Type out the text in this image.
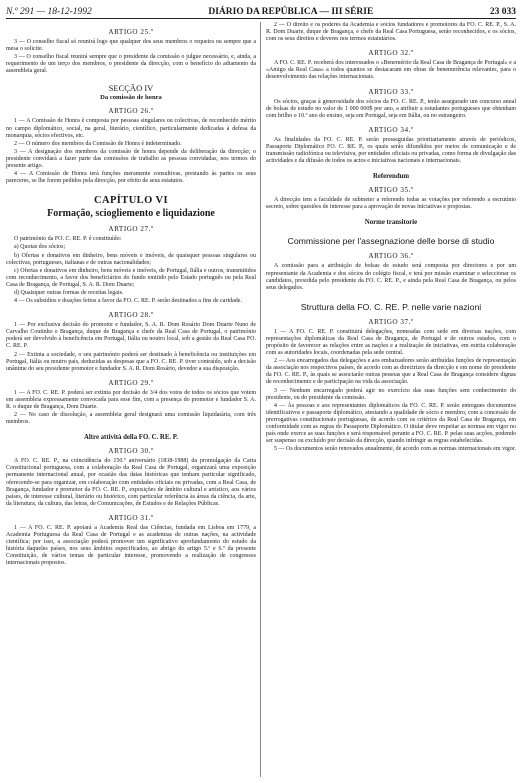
N.º 291 — 18-12-1992	DIÁRIO DA REPÚBLICA — III SÉRIE	23 033
ARTIGO 25.º

3 — O conselho fiscal só reunirá logo que qualquer dos seus membros o requeira ou sempre que a mesa o solicite.

3 — O conselho fiscal reunirá sempre que o presidente da comissão o julgue necessário, e, ainda, a requerimento de um terço dos membros, o presidente da direcção, com o benefício do adiamento da assembleia geral.

SECÇÃO IV
Da comissão de honra
ARTIGO 26.º

1 — A Comissão de Honra é composta por pessoas singulares ou colectivas, de reconhecido mérito no campo diplomático, social, na geral, literário, científico, particularmente dedicadas à defesa da monarquia, sócios efectivos, etc.

2 — O número dos membros da Comissão de Honra é indeterminado.

3 — A designação dos membros da comissão de honra depende da deliberação da direcção; o presidente convidará a fazer parte das comissões de trabalho as pessoas convidadas, nos termos do presente artigo.

4 — A Comissão de Honra terá funções meramente consultivas, prestando às partes os seus pareceres, se lhe forem pedidos pela direcção, por efeito de seus estatutos.

CAPÍTULO VI
Formação, sciogliemento e liquidazione
ARTIGO 27.º

O património da FO. C. RE. P. é constituído:

a) Quotas dos sócios;

b) Ofertas e donativos em dinheiro, bens móveis e imóveis, de quaisquer pessoas singulares ou colectivas, portugueses, italianas e de outras nacionalidades;

c) Ofertas e donativos em dinheiro, bens móveis e imóveis, de Portugal, Itália e outros, transmitidos com reconhecimento, a favor dos beneficiários do fundo emitido pelo Estado português ou pela Real Casa de Bragança, de Portugal, S. A. R. Dom Duarte;

d) Quaisquer outras formas de receitas legais.

4 — Os subsídios e doações feitos a favor da FO. C. RE. P. serão destinados a fins de caridade.

ARTIGO 28.º

1 — Por exclusiva decisão do promotor e fundador, S. A. R. Dom Rosário Dom Duarte Nuno de Carvalho Coutinho e Bragança, duque de Bragança e chefe da Real Casa de Portugal, o património poderá ser devolvido à beneficência em Portugal, Itália ou noutro local, sob a gestão da Real Casa FO. C. RE. P.

2 — Extinta a sociedade, o seu património poderá ser destinado à beneficência ou instituições em Portugal, Itália ou noutro país, deduzidas as despesas que a FO. C. RE. P. tiver contraído, sob a decisão unânime do seu presidente promotor e fundador S. A. R. Dom Rosário, devedor a sua disposição.

ARTIGO 29.º

1 — A FO. C. RE. P. poderá ser extinta por decisão de 3/4 dos votos de todos os sócios que votem em assembleia expressamente convocada para esse fim, com a presença do promotor e fundador S. A. R. o duque de Bragança, Dom Duarte.

2 — No caso de dissolução, a assembleia geral designará uma comissão liquidatária, com três membros.

Altre attività della FO. C. RE. P.
ARTIGO 30.º

A FO. C. RE. P., na coincidência do 150.º aniversário (1838-1988) da promulgação da Carta Constitucional portuguesa, com a colaboração da Real Casa de Portugal, organizará uma exposição permanente internacional anual, por ocasião das datas históricas que tenham particular significado, oferecendo-se para organizar, em colaboração com entidades oficiais ou privadas, com a Real Casa, de Bragança, fundador e promotor da FO. C. RE. P., exposições de âmbito cultural e artístico, aos vários países, de interesse cultural, literário ou histórico, com particular referência às áreas da ciência, da arte, da literatura, da cultura, das letras, de Comunicações, de Estudos e de Relações Públicas.

ARTIGO 31.º

1 — A FO. C. RE. P. apoiará a Academia Real das Ciências, fundada em Lisboa em 1779, a Academia Portuguesa da Real Casa de Portugal e as academias de outras nações, na actividade científica; por isso, a associação poderá promover um significativo aprofundamento do estudo da história daqueles países, nos seus âmbitos especificados, ao abrigo do artigo 5.º e 6.º da presente Constituição, de vários temas de particular interesse, promovendo a realização de congressos internacionais propostos.

2 — O direito e os poderes da Academia e sócios fundadores e promotores da FO. C. RE. P., S. A. R. Dom Duarte, duque de Bragança, e chefe da Real Casa Portuguesa, serão reconhecidos, e os sócios, com os seus direitos e deveres nos termos estatutários.

ARTIGO 32.º

A FO. C. RE. P. receberá dos interessados o «Benemérito da Real Casa de Bragança de Portugal» e a «Amigo da Real Casa» a todos quantos se destacaram em obras de benemerência relevantes, para o desenvolvimento das relações internacionais.

ARTIGO 33.º

Os sócios, graças à generosidade dos sócios da FO. C. RE. P., terão assegurado um concurso anual de bolsas de estudo no valor de 1 000 000$ por ano, a atribuir a estudantes portugueses que obtenham com brilho o 10.º ano do ensino, seja em Portugal, seja em Itália, ou no estrangeiro.

ARTIGO 34.º

As finalidades da FO. C. RE. P. serão prosseguidas prioritariamente através de periódicos, Passaporte Diplomático FO. C. RE. P., os quais serão difundidos por meios de comunicação e de transmissão radiofónica ou televisiva, por entidades oficiais ou privadas, como forma de divulgação das actividades e da difusão de todos os actos e iniciativas nacionais e internacionais.

Referendum
ARTIGO 35.º

A direcção tem a faculdade de submeter a referendo todas as votações por referendo a escrutínio secreto, sobre questões de interesse para a aprovação de novas iniciativas e propostas.

Norme transitorie
Commissione per l'assegnazione delle borse di studio
ARTIGO 36.º

A comissão para a atribuição de bolsas de estudo será composta por directores e por um representante da Academia e dos sócios do colégio fiscal, e terá por missão examinar e seleccionar os candidatos, presidida pelo presidente da FO. C. RE. P., e ainda pela Real Casa de Bragança, ou pelos seus delegados.

Struttura della FO. C. RE. P. nelle varie nazioni
ARTIGO 37.º

1 — A FO. C. RE. P. constituirá delegações, nomeadas com sede em diversas nações, com representações diplomáticas da Real Casa de Bragança, de Portugal e de outros estados, com o propósito de favorecer as relações entre as nações e a realização de iniciativas, em estrita colaboração com as autoridades locais, coordenadas pela sede central.

2 — Aos encarregados das delegações e aos embaixadores serão atribuídas funções de representação da associação nos respectivos países, de acordo com as directrizes da direcção e em nome do presidente da FO. C. RE. P., às quais se associarão outras pessoas que a Real Casa de Bragança considere dignas de reconhecimento e de participação na vida da associação.

3 — Nenhum encarregado poderá agir no exercício das suas funções sem conhecimento do presidente, ou do presidente da comissão.

4 — Às pessoas e aos representantes diplomáticos da FO. C. RE. P. serão entregues documentos identificativos e passaporte diplomático, atestando a qualidade de sócio e membro, com a concessão de prerrogativas constitucionais portuguesas, de acordo com os critérios da Real Casa de Bragança, em conformidade com as regras do Passaporte Diplomático. O titular deve respeitar as normas em vigor no país onde exerce as suas funções e será responsável perante a FO. C. RE. P. pelas suas acções, podendo ser suspenso ou excluído por decisão da direcção, quando infringir as regras estabelecidas.

5 — Os documentos serão renovados anualmente, de acordo com as normas internacionais em vigor.
